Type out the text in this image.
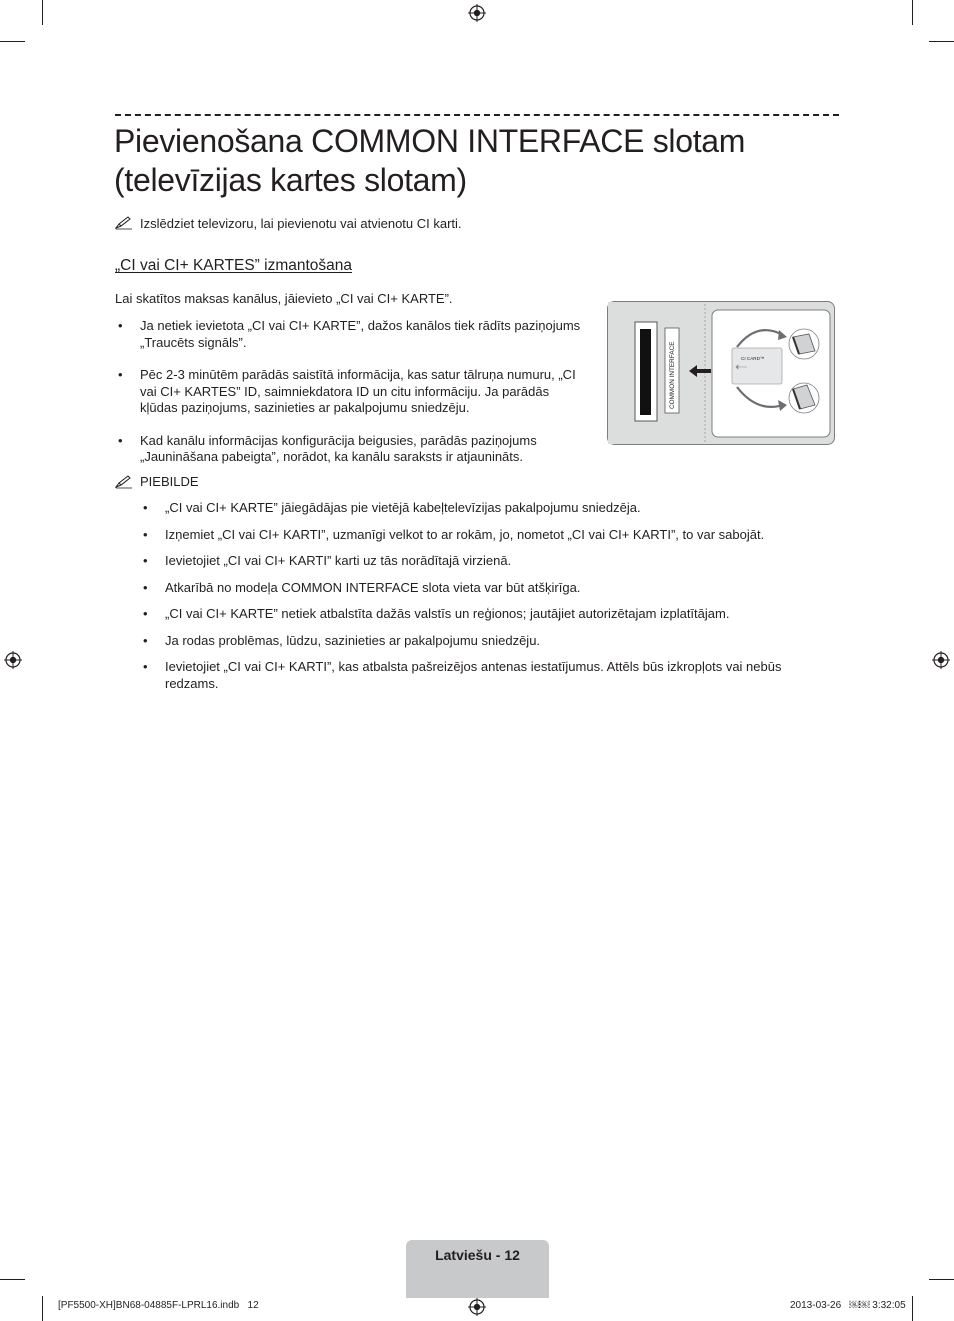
Pievienošana COMMON INTERFACE slotam
(televīzijas kartes slotam)
Izslēdziet televizoru, lai pievienotu vai atvienotu CI karti.
„CI vai CI+ KARTES” izmantošana
Lai skatītos maksas kanālus, jāievieto „CI vai CI+ KARTE”.
• Ja netiek ievietota „CI vai CI+ KARTE”, dažos kanālos tiek rādīts paziņojums „Traucēts signāls”.
• Pēc 2-3 minūtēm parādās saistītā informācija, kas satur tālruņa numuru, „CI vai CI+ KARTES” ID, saimniekdatora ID un citu informāciju. Ja parādās kļūdas paziņojums, sazinieties ar pakalpojumu sniedzēju.
• Kad kanālu informācijas konfigurācija beigusies, parādās paziņojums „Jaunināšana pabeigta”, norādot, ka kanālu saraksts ir atjaunināts.
COMMON INTERFACE	CI CARD™
PIEBILDE
• „CI vai CI+ KARTE” jāiegādājas pie vietējā kabeļtelevīzijas pakalpojumu sniedzēja.
• Izņemiet „CI vai CI+ KARTI”, uzmanīgi velkot to ar rokām, jo, nometot „CI vai CI+ KARTI”, to var sabojāt.
• Ievietojiet „CI vai CI+ KARTI” karti uz tās norādītajā virzienā.
• Atkarībā no modeļa COMMON INTERFACE slota vieta var būt atšķirīga.
• „CI vai CI+ KARTE” netiek atbalstīta dažās valstīs un reģionos; jautājiet autorizētajam izplatītājam.
• Ja rodas problēmas, lūdzu, sazinieties ar pakalpojumu sniedzēju.
• Ievietojiet „CI vai CI+ KARTI”, kas atbalsta pašreizējos antenas iestatījumus. Attēls būs izkropļots vai nebūs redzams.
Latviešu - 12
[PF5500-XH]BN68-04885F-LPRL16.indb   12	2013-03-26   ￼￼ 3:32:05
